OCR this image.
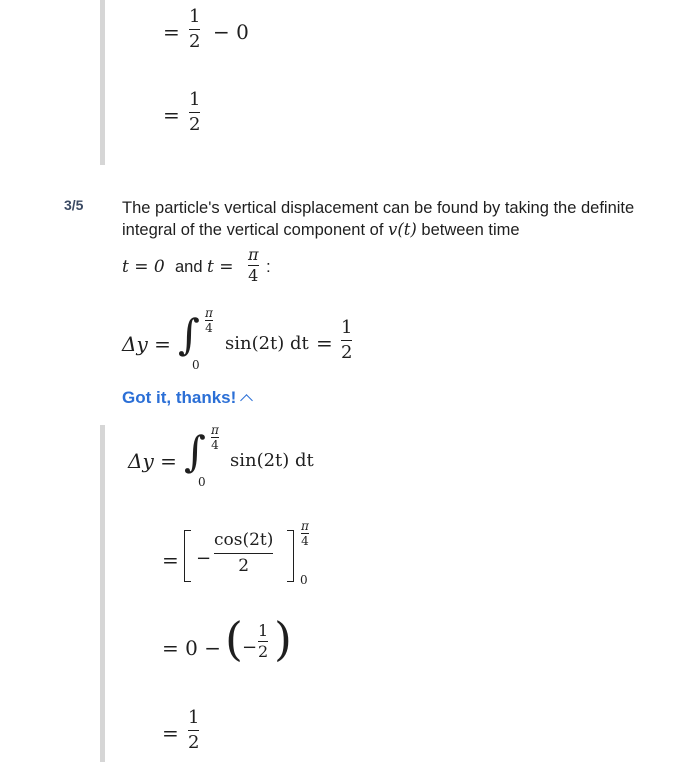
=
1
2 − 0
=
1
2
3/5 The particle's vertical displacement can be found by taking the definite integral of the vertical component of v(t) between time
t = 0 and t =
π
4 :
Δy = ∫ π
4
0
sin(2t) dt =
1
2
Got it, thanks!
Δy = ∫ π
4
0
sin(2t) dt
= −
cos(2t)
2
π
4
0
= 0 − ( −
1
2 )
=
1
2
